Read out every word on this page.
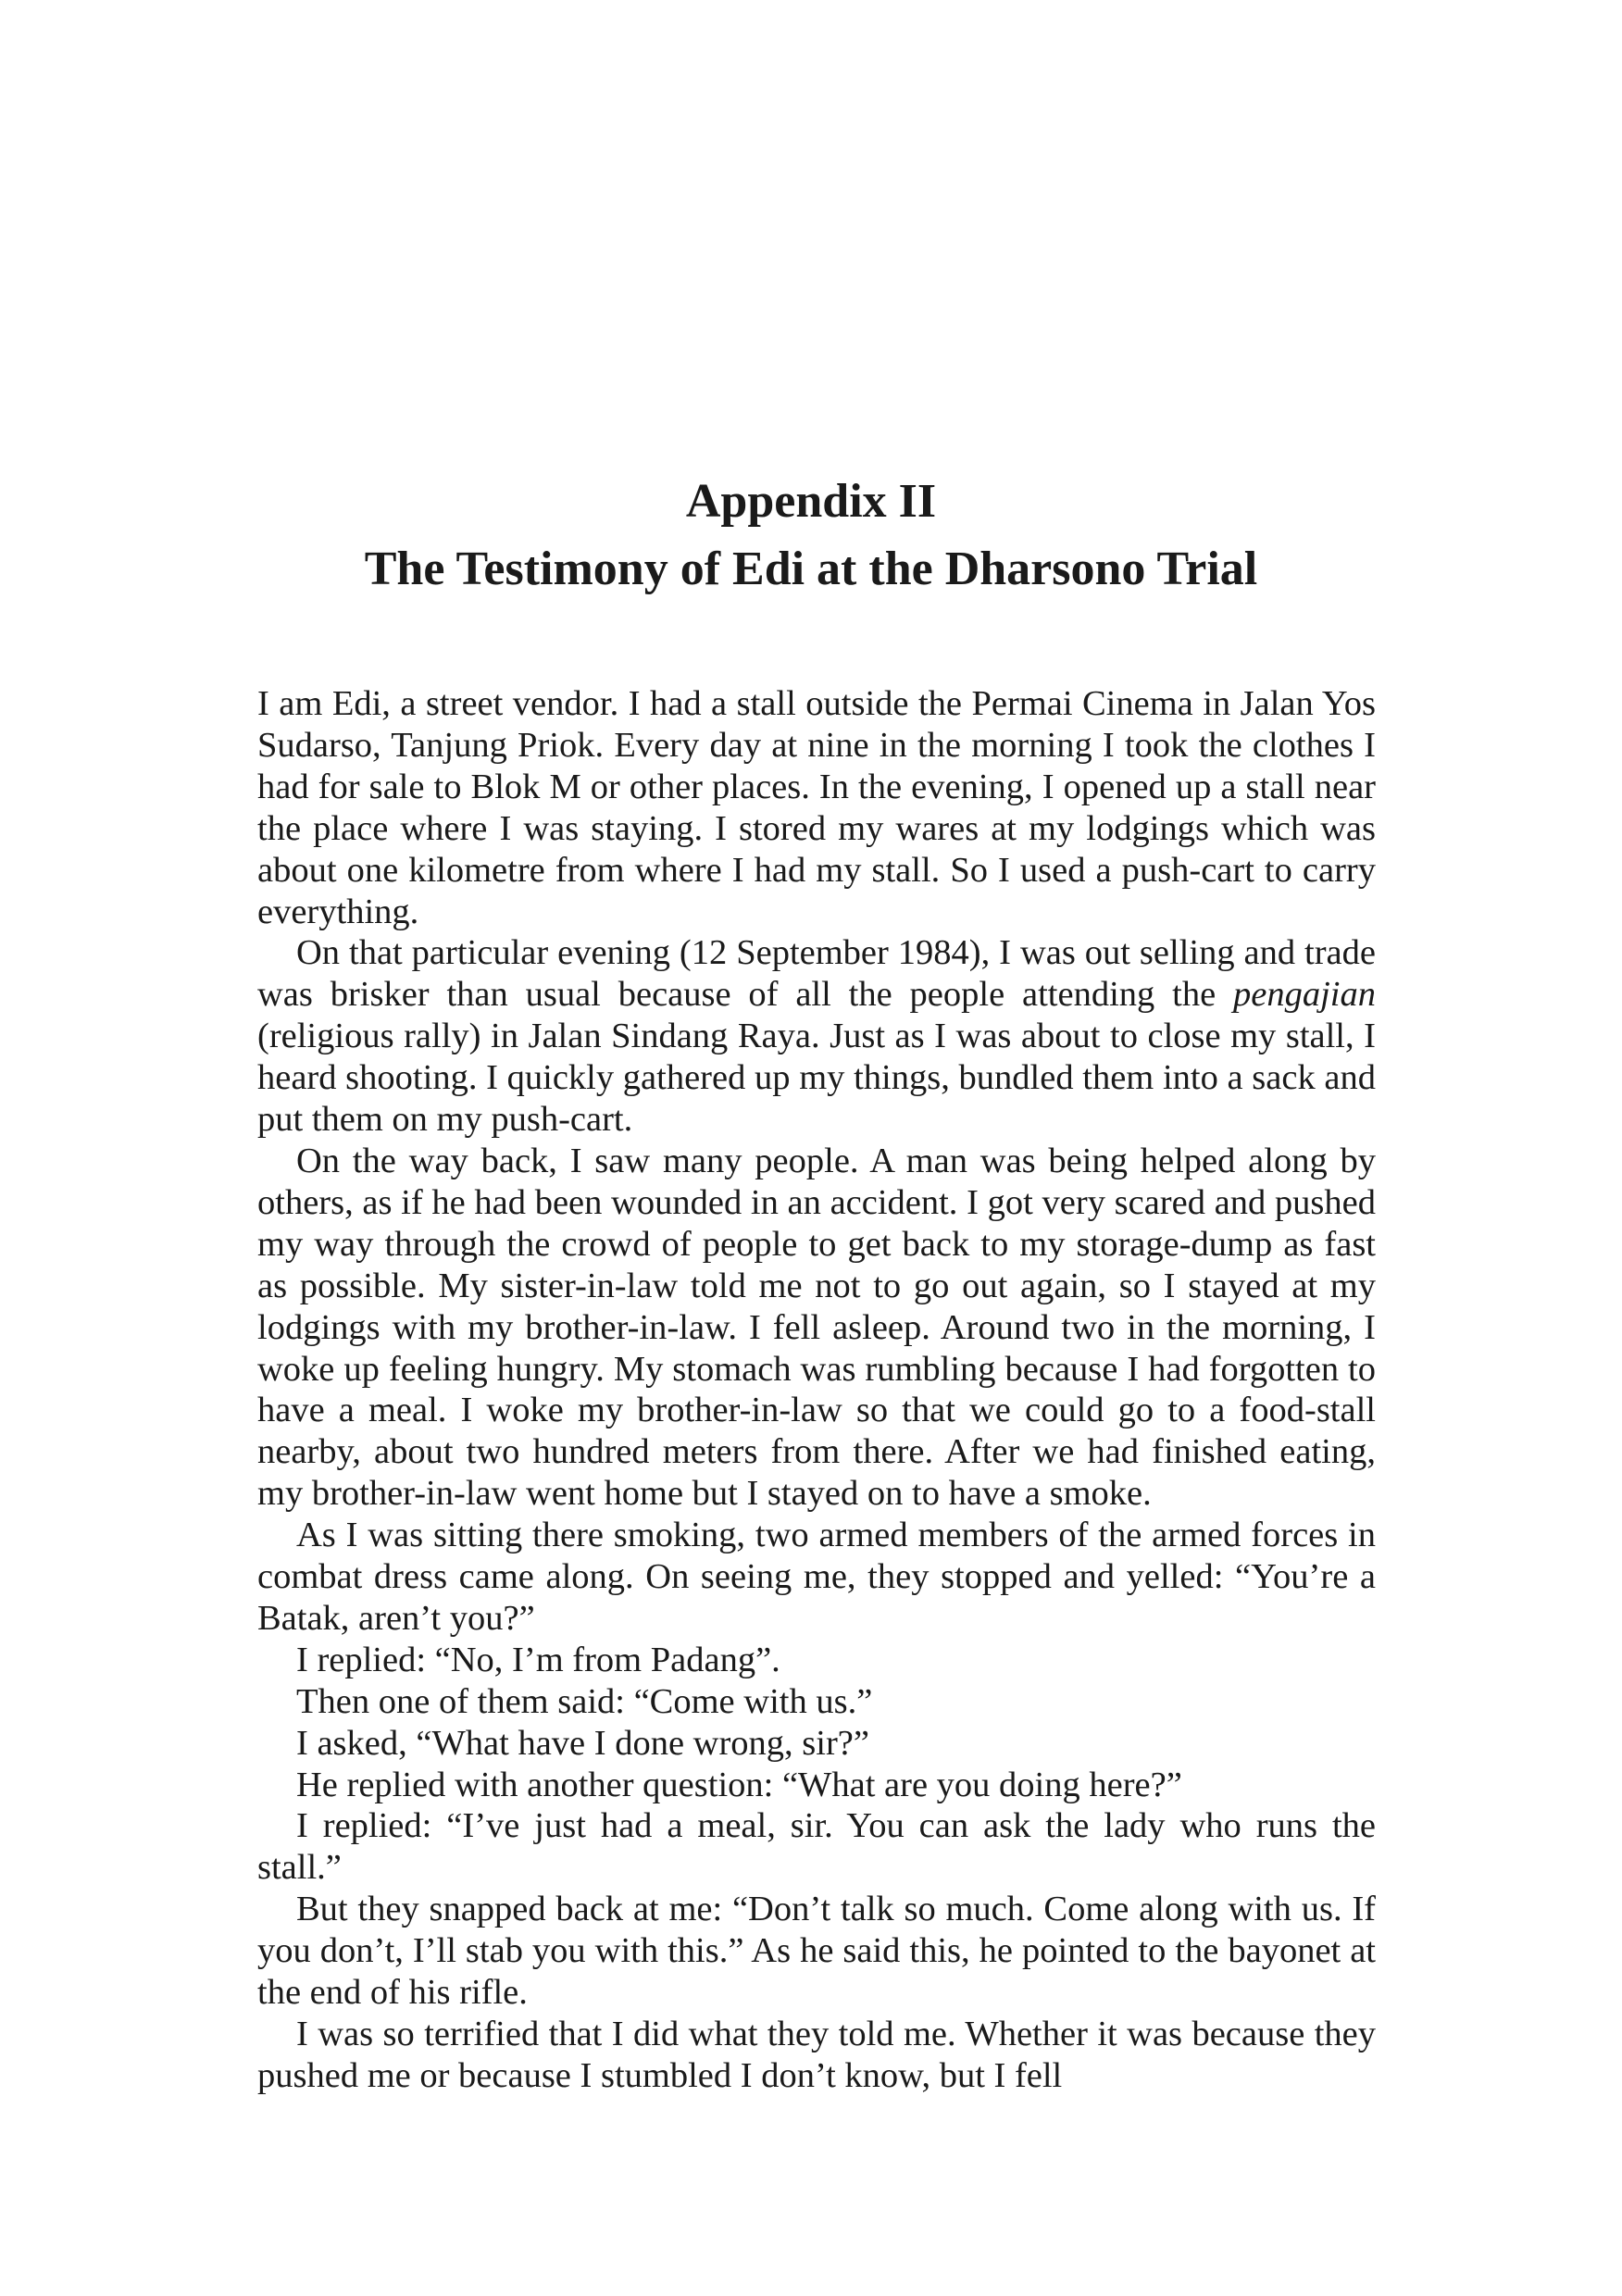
Appendix II
The Testimony of Edi at the Dharsono Trial

I am Edi, a street vendor. I had a stall outside the Permai Cinema in Jalan Yos Sudarso, Tanjung Priok. Every day at nine in the morning I took the clothes I had for sale to Blok M or other places. In the evening, I opened up a stall near the place where I was staying. I stored my wares at my lodgings which was about one kilometre from where I had my stall. So I used a push-cart to carry everything.

On that particular evening (12 September 1984), I was out selling and trade was brisker than usual because of all the people attending the pengajian (religious rally) in Jalan Sindang Raya. Just as I was about to close my stall, I heard shooting. I quickly gathered up my things, bundled them into a sack and put them on my push-cart.

On the way back, I saw many people. A man was being helped along by others, as if he had been wounded in an accident. I got very scared and pushed my way through the crowd of people to get back to my storage-dump as fast as possible. My sister-in-law told me not to go out again, so I stayed at my lodgings with my brother-in-law. I fell asleep. Around two in the morning, I woke up feeling hungry. My stomach was rumbling because I had forgotten to have a meal. I woke my brother-in-law so that we could go to a food-stall nearby, about two hundred meters from there. After we had finished eating, my brother-in-law went home but I stayed on to have a smoke.

As I was sitting there smoking, two armed members of the armed forces in combat dress came along. On seeing me, they stopped and yelled: “You’re a Batak, aren’t you?”

I replied: “No, I’m from Padang”.

Then one of them said: “Come with us.”

I asked, “What have I done wrong, sir?”

He replied with another question: “What are you doing here?”

I replied: “I’ve just had a meal, sir. You can ask the lady who runs the stall.”

But they snapped back at me: “Don’t talk so much. Come along with us. If you don’t, I’ll stab you with this.” As he said this, he pointed to the bayonet at the end of his rifle.

I was so terrified that I did what they told me. Whether it was because they pushed me or because I stumbled I don’t know, but I fell
